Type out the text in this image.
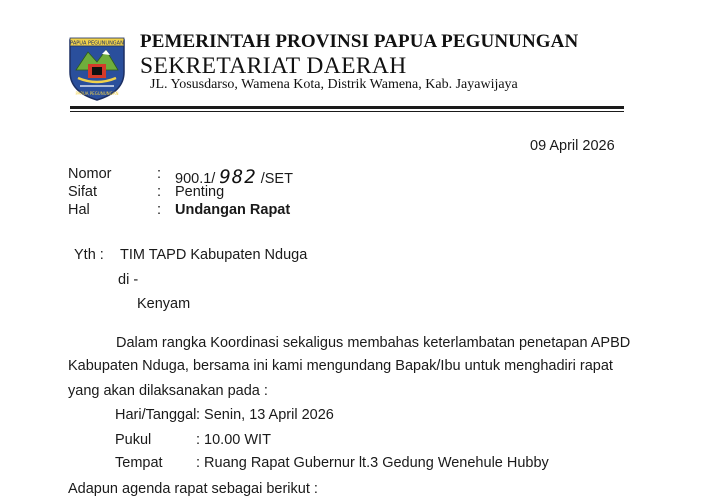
PAPUA PEGUNUNGAN
PAPUA PEGUNUNGAN
PEMERINTAH PROVINSI PAPUA PEGUNUNGAN
SEKRETARIAT DAERAH
JL. Yosusdarso, Wamena Kota, Distrik Wamena, Kab. Jayawijaya
09 April 2026
Nomor	: 900.1/ 982 /SET
Sifat	: Penting
Hal	: Undangan Rapat
Yth : TIM TAPD Kabupaten Nduga
di -
Kenyam
Dalam rangka Koordinasi sekaligus membahas keterlambatan penetapan APBD
Kabupaten Nduga, bersama ini kami mengundang Bapak/Ibu untuk menghadiri rapat
yang akan dilaksanakan pada :
Hari/Tanggal : Senin, 13 April 2026
Pukul	: 10.00 WIT
Tempat : Ruang Rapat Gubernur lt.3 Gedung Wenehule Hubby
Adapun agenda rapat sebagai berikut :
